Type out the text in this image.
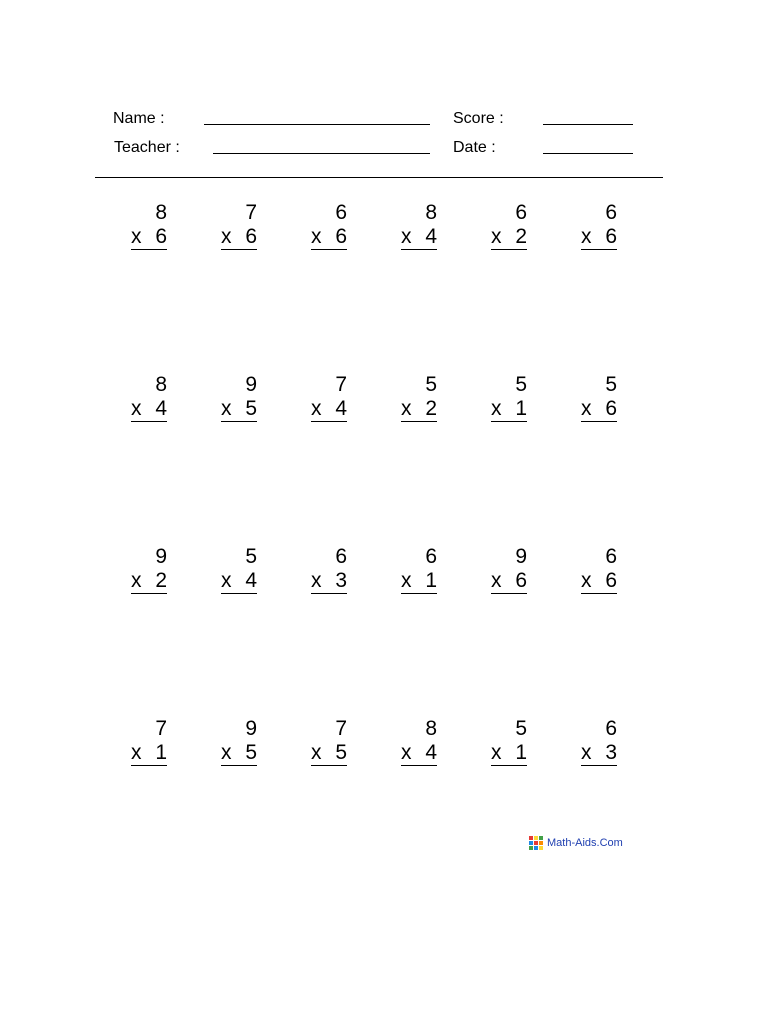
Name :	Score :
Teacher :	Date :
8
x 6
7
x 6
6
x 6
8
x 4
6
x 2
6
x 6
8
x 4
9
x 5
7
x 4
5
x 2
5
x 1
5
x 6
9
x 2
5
x 4
6
x 3
6
x 1
9
x 6
6
x 6
7
x 1
9
x 5
7
x 5
8
x 4
5
x 1
6
x 3
Math-Aids.Com
